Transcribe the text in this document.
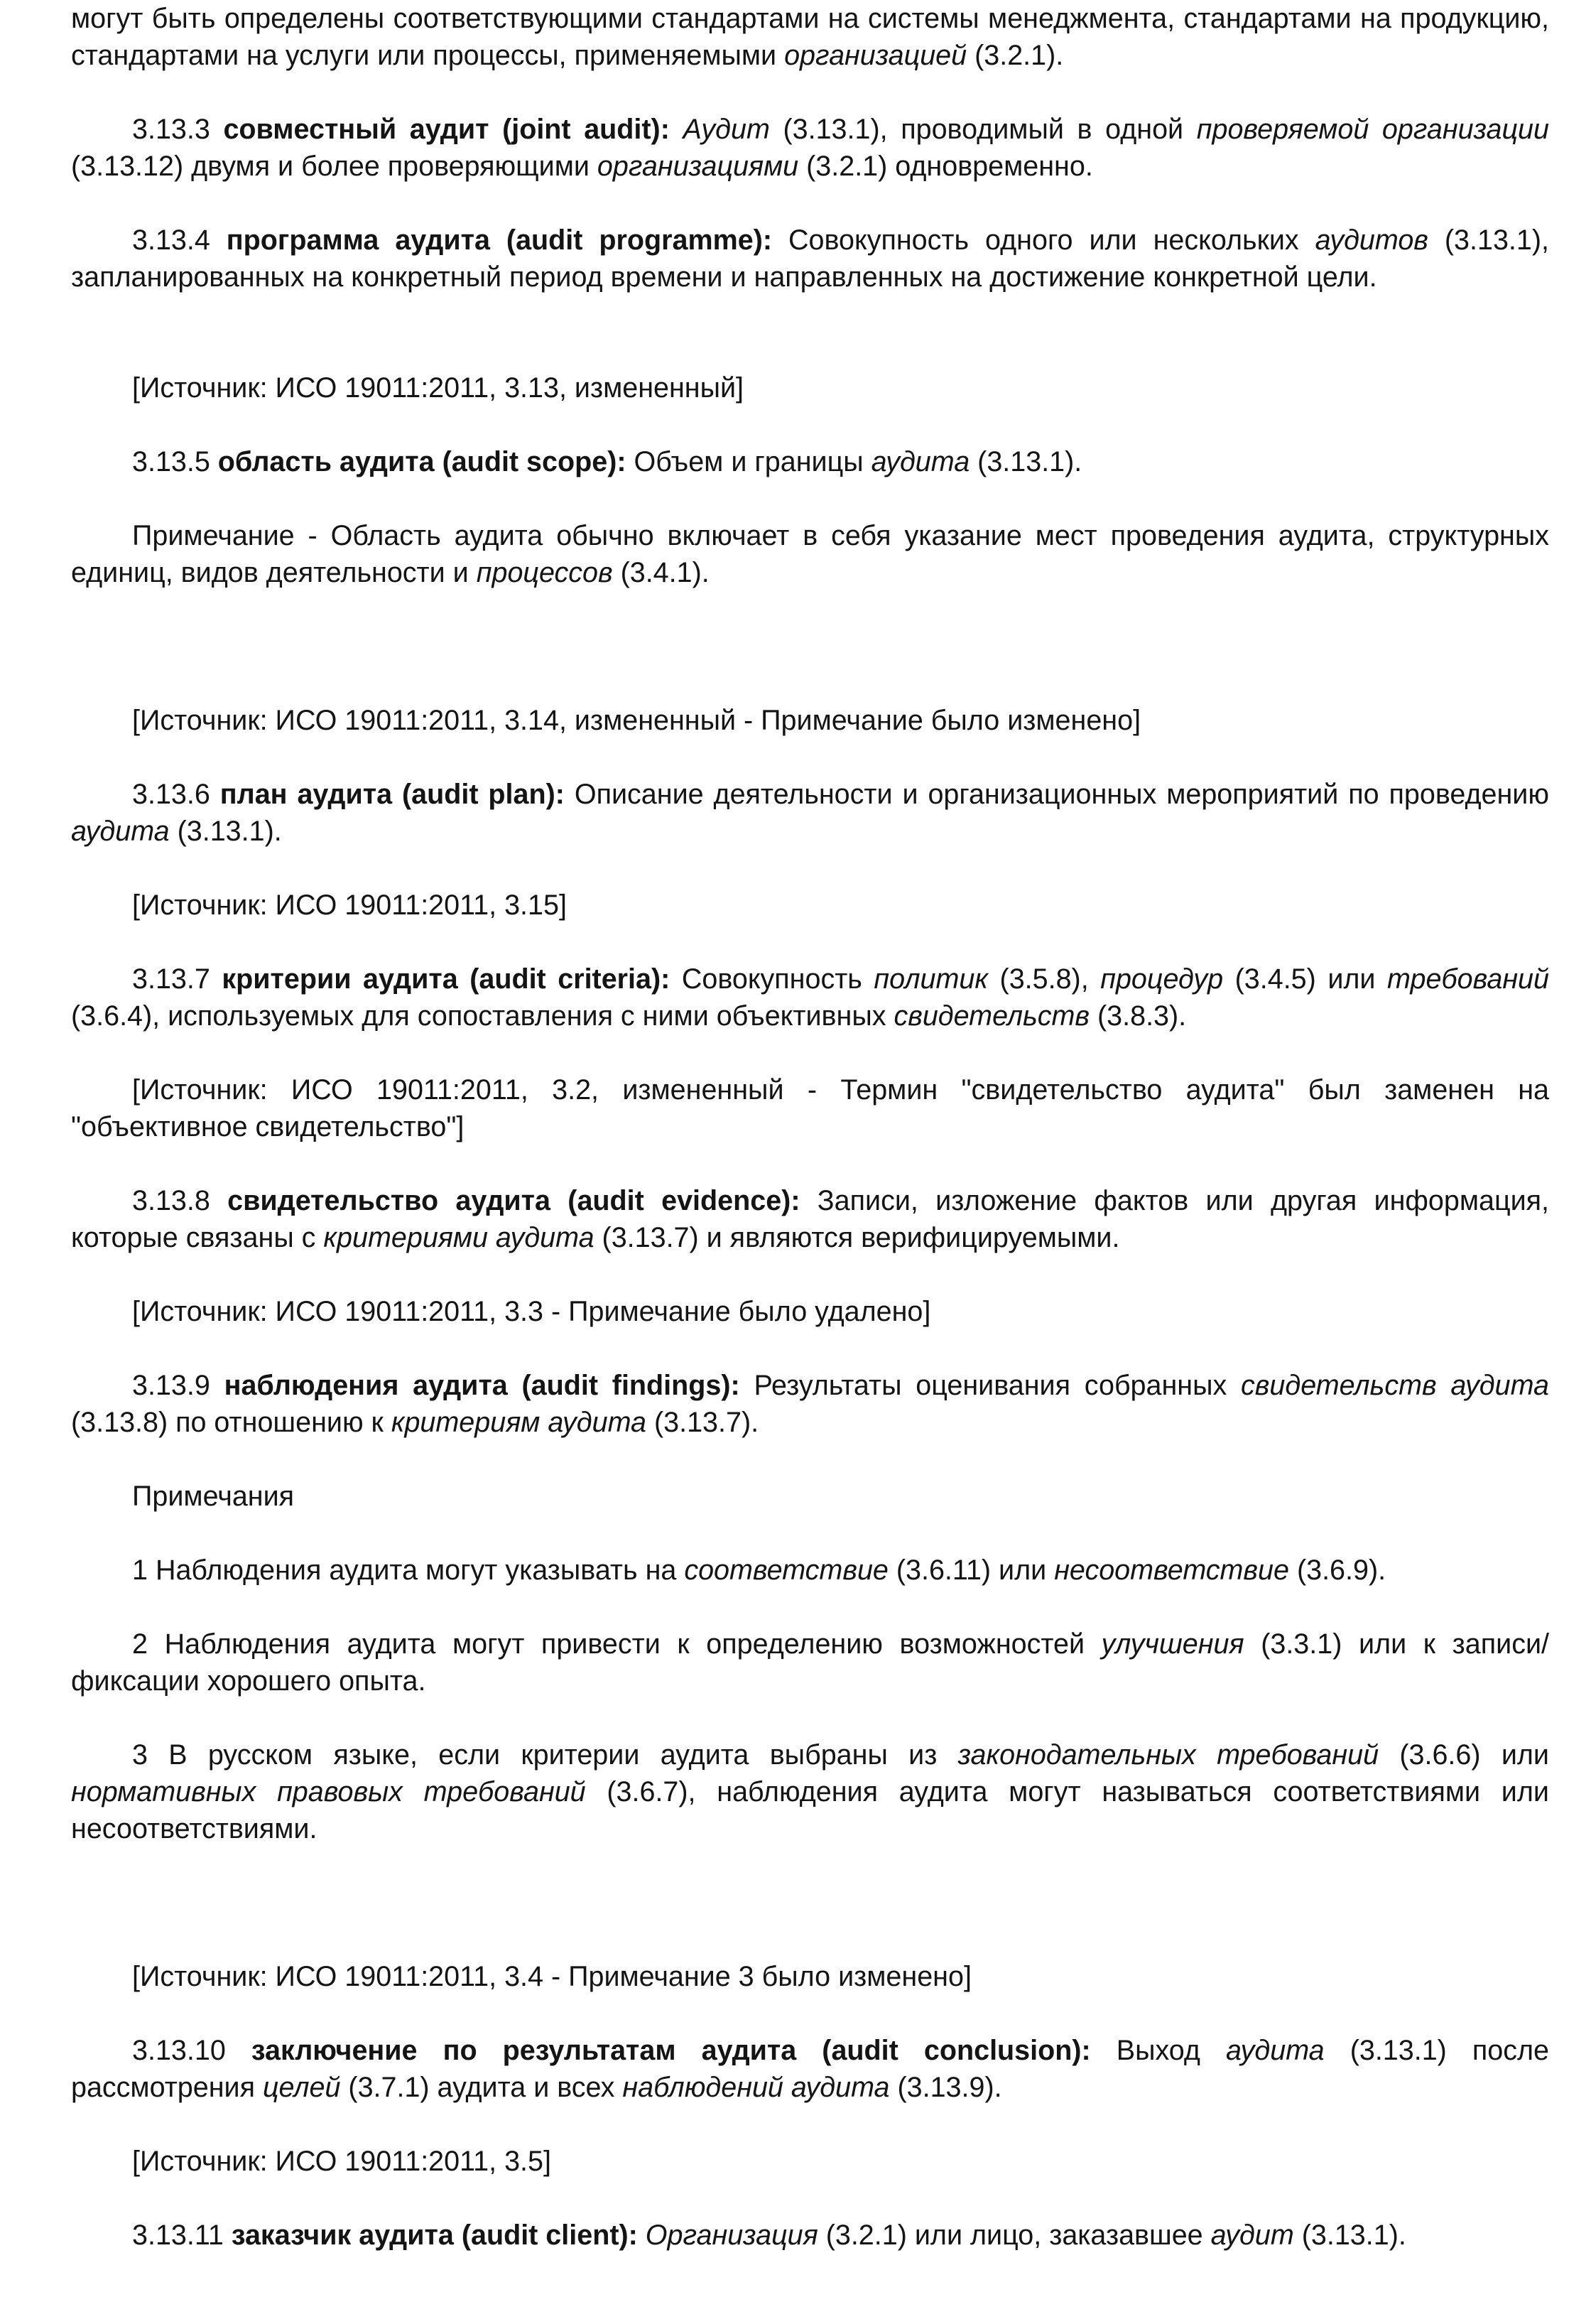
могут быть определены соответствующими стандартами на системы менеджмента, стандартами на продукцию, стандартами на услуги или процессы, применяемыми организацией (3.2.1).

3.13.3 совместный аудит (joint audit): Аудит (3.13.1), проводимый в одной проверяемой организации (3.13.12) двумя и более проверяющими организациями (3.2.1) одновременно.

3.13.4 программа аудита (audit programme): Совокупность одного или нескольких аудитов (3.13.1), запланированных на конкретный период времени и направленных на достижение конкретной цели.

[Источник: ИСО 19011:2011, 3.13, измененный]

3.13.5 область аудита (audit scope): Объем и границы аудита (3.13.1).

Примечание - Область аудита обычно включает в себя указание мест проведения аудита, структурных единиц, видов деятельности и процессов (3.4.1).

[Источник: ИСО 19011:2011, 3.14, измененный - Примечание было изменено]

3.13.6 план аудита (audit plan): Описание деятельности и организационных мероприятий по проведению аудита (3.13.1).

[Источник: ИСО 19011:2011, 3.15]

3.13.7 критерии аудита (audit criteria): Совокупность политик (3.5.8), процедур (3.4.5) или требований (3.6.4), используемых для сопоставления с ними объективных свидетельств (3.8.3).

[Источник: ИСО 19011:2011, 3.2, измененный - Термин "свидетельство аудита" был заменен на "объективное свидетельство"]

3.13.8 свидетельство аудита (audit evidence): Записи, изложение фактов или другая информация, которые связаны с критериями аудита (3.13.7) и являются верифицируемыми.

[Источник: ИСО 19011:2011, 3.3 - Примечание было удалено]

3.13.9 наблюдения аудита (audit findings): Результаты оценивания собранных свидетельств аудита (3.13.8) по отношению к критериям аудита (3.13.7).

Примечания

1 Наблюдения аудита могут указывать на соответствие (3.6.11) или несоответствие (3.6.9).

2 Наблюдения аудита могут привести к определению возможностей улучшения (3.3.1) или к записи/фиксации хорошего опыта.

3 В русском языке, если критерии аудита выбраны из законодательных требований (3.6.6) или нормативных правовых требований (3.6.7), наблюдения аудита могут называться соответствиями или несоответствиями.

[Источник: ИСО 19011:2011, 3.4 - Примечание 3 было изменено]

3.13.10 заключение по результатам аудита (audit conclusion): Выход аудита (3.13.1) после рассмотрения целей (3.7.1) аудита и всех наблюдений аудита (3.13.9).

[Источник: ИСО 19011:2011, 3.5]

3.13.11 заказчик аудита (audit client): Организация (3.2.1) или лицо, заказавшее аудит (3.13.1).
